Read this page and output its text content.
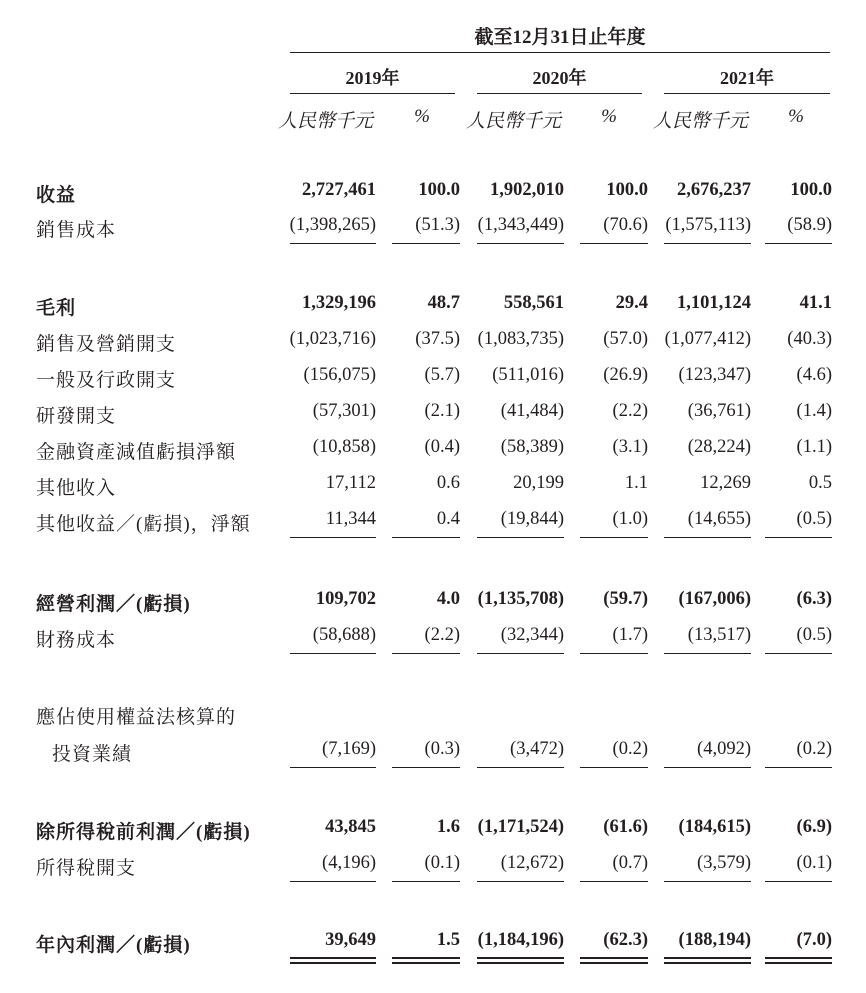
截至12月31日止年度
2019年	2020年	2021年
人民幣千元	%	人民幣千元	%	人民幣千元	%
收益	2,727,461	100.0	1,902,010	100.0	2,676,237	100.0
銷售成本	(1,398,265)	(51.3) (1,343,449)	(70.6) (1,575,113)	(58.9)
毛利	1,329,196	48.7	558,561	29.4	1,101,124	41.1
銷售及營銷開支	(1,023,716)	(37.5) (1,083,735)	(57.0) (1,077,412)	(40.3)
一般及行政開支	(156,075)	(5.7)	(511,016)	(26.9)	(123,347)	(4.6)
研發開支	(57,301)	(2.1)	(41,484)	(2.2)	(36,761)	(1.4)
金融資產減值虧損淨額	(10,858)	(0.4)	(58,389)	(3.1)	(28,224)	(1.1)
其他收入	17,112	0.6	20,199	1.1	12,269	0.5
其他收益／(虧損)，淨額	11,344	0.4	(19,844)	(1.0)	(14,655)	(0.5)
經營利潤／(虧損)	109,702	4.0 (1,135,708)	(59.7)	(167,006)	(6.3)
財務成本	(58,688)	(2.2)	(32,344)	(1.7)	(13,517)	(0.5)
應佔使用權益法核算的
投資業績	(7,169)	(0.3)	(3,472)	(0.2)	(4,092)	(0.2)
除所得稅前利潤／(虧損)	43,845	1.6 (1,171,524)	(61.6)	(184,615)	(6.9)
所得稅開支	(4,196)	(0.1)	(12,672)	(0.7)	(3,579)	(0.1)
年內利潤／(虧損)	39,649	1.5 (1,184,196)	(62.3)	(188,194)	(7.0)
